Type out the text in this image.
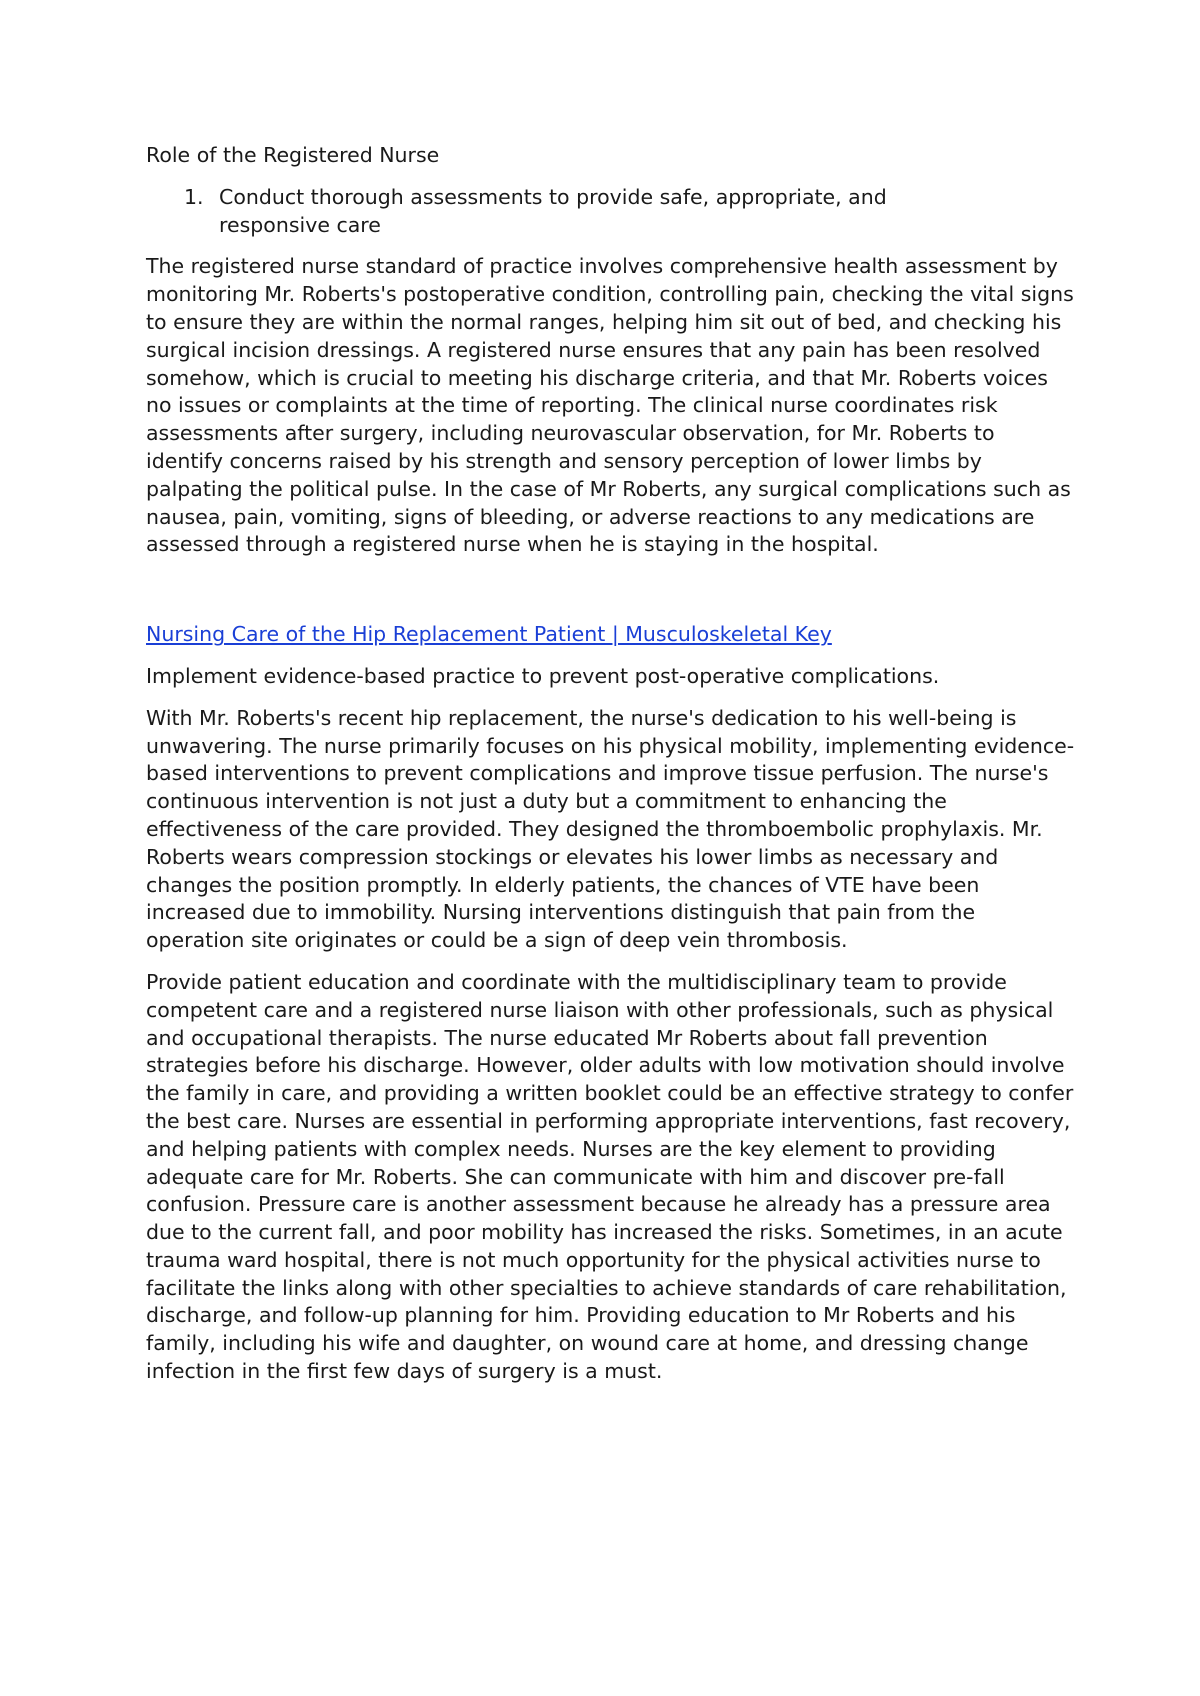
Role of the Registered Nurse

1. Conduct thorough assessments to provide safe, appropriate, and responsive care

The registered nurse standard of practice involves comprehensive health assessment by monitoring Mr. Roberts's postoperative condition, controlling pain, checking the vital signs to ensure they are within the normal ranges, helping him sit out of bed, and checking his surgical incision dressings. A registered nurse ensures that any pain has been resolved somehow, which is crucial to meeting his discharge criteria, and that Mr. Roberts voices no issues or complaints at the time of reporting. The clinical nurse coordinates risk assessments after surgery, including neurovascular observation, for Mr. Roberts to identify concerns raised by his strength and sensory perception of lower limbs by palpating the political pulse. In the case of Mr Roberts, any surgical complications such as nausea, pain, vomiting, signs of bleeding, or adverse reactions to any medications are assessed through a registered nurse when he is staying in the hospital.

Nursing Care of the Hip Replacement Patient | Musculoskeletal Key

Implement evidence-based practice to prevent post-operative complications.

With Mr. Roberts's recent hip replacement, the nurse's dedication to his well-being is unwavering. The nurse primarily focuses on his physical mobility, implementing evidence-based interventions to prevent complications and improve tissue perfusion. The nurse's continuous intervention is not just a duty but a commitment to enhancing the effectiveness of the care provided. They designed the thromboembolic prophylaxis. Mr. Roberts wears compression stockings or elevates his lower limbs as necessary and changes the position promptly. In elderly patients, the chances of VTE have been increased due to immobility. Nursing interventions distinguish that pain from the operation site originates or could be a sign of deep vein thrombosis.

Provide patient education and coordinate with the multidisciplinary team to provide competent care and a registered nurse liaison with other professionals, such as physical and occupational therapists. The nurse educated Mr Roberts about fall prevention strategies before his discharge. However, older adults with low motivation should involve the family in care, and providing a written booklet could be an effective strategy to confer the best care. Nurses are essential in performing appropriate interventions, fast recovery, and helping patients with complex needs. Nurses are the key element to providing adequate care for Mr. Roberts. She can communicate with him and discover pre-fall confusion. Pressure care is another assessment because he already has a pressure area due to the current fall, and poor mobility has increased the risks. Sometimes, in an acute trauma ward hospital, there is not much opportunity for the physical activities nurse to facilitate the links along with other specialties to achieve standards of care rehabilitation, discharge, and follow-up planning for him. Providing education to Mr Roberts and his family, including his wife and daughter, on wound care at home, and dressing change infection in the first few days of surgery is a must.
